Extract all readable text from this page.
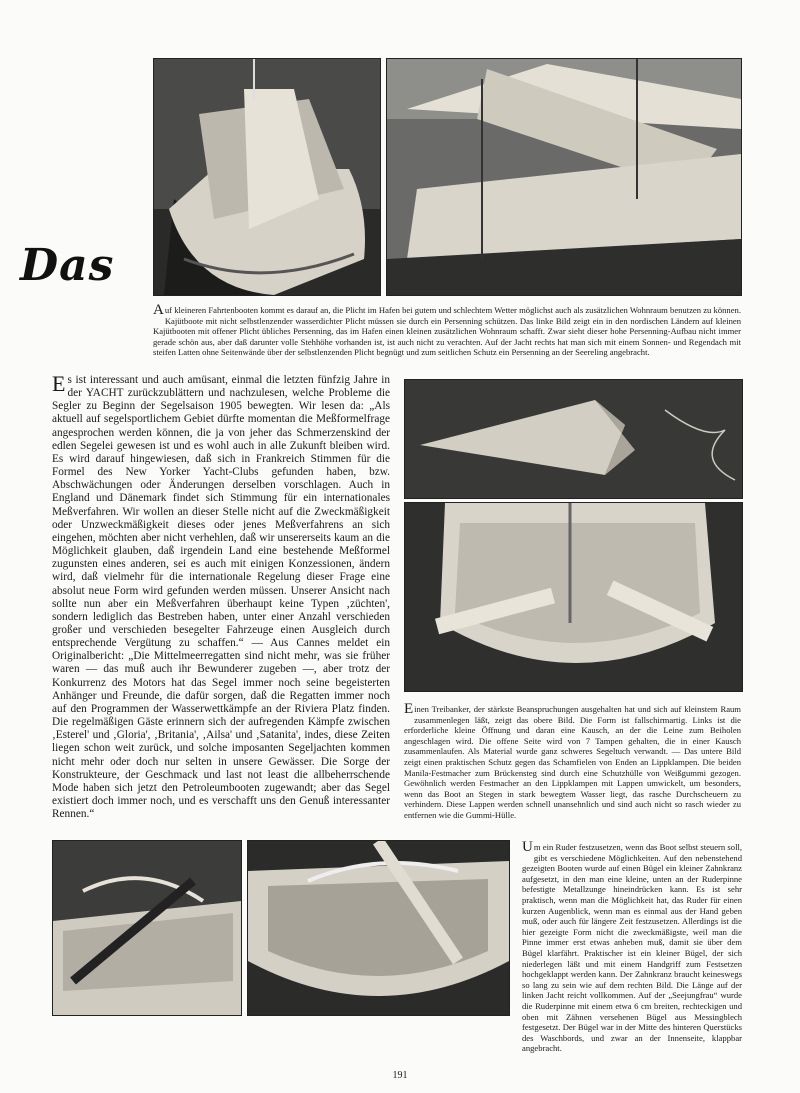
Das

Auf kleineren Fahrtenbooten kommt es darauf an, die Plicht im Hafen bei gutem und schlechtem Wetter möglichst auch als zusätzlichen Wohnraum benutzen zu können. Kajütboote mit nicht selbstlenzender wasserdichter Plicht müssen sie durch ein Persenning schützen. Das linke Bild zeigt ein in den nordischen Ländern auf kleinen Kajütbooten mit offener Plicht übliches Persenning, das im Hafen einen kleinen zusätzlichen Wohnraum schafft. Zwar sieht dieser hohe Persenning-Aufbau nicht immer gerade schön aus, aber daß darunter volle Stehhöhe vorhanden ist, ist auch nicht zu verachten. Auf der Jacht rechts hat man sich mit einem Sonnen- und Regendach mit steifen Latten ohne Seitenwände über der selbstlenzenden Plicht begnügt und zum seitlichen Schutz ein Persenning an der Seereling angebracht.

Es ist interessant und auch amüsant, einmal die letzten fünfzig Jahre in der YACHT zurückzublättern und nachzulesen, welche Probleme die Segler zu Beginn der Segelsaison 1905 bewegten. Wir lesen da: „Als aktuell auf segelsportlichem Gebiet dürfte momentan die Meßformelfrage angesprochen werden können, die ja von jeher das Schmerzenskind der edlen Segelei gewesen ist und es wohl auch in alle Zukunft bleiben wird. Es wird darauf hingewiesen, daß sich in Frankreich Stimmen für die Formel des New Yorker Yacht-Clubs gefunden haben, bzw. Abschwächungen oder Änderungen derselben vorschlagen. Auch in England und Dänemark findet sich Stimmung für ein internationales Meßverfahren. Wir wollen an dieser Stelle nicht auf die Zweckmäßigkeit oder Unzweckmäßigkeit dieses oder jenes Meßverfahrens an sich eingehen, möchten aber nicht verhehlen, daß wir unsererseits kaum an die Möglichkeit glauben, daß irgendein Land eine bestehende Meßformel zugunsten eines anderen, sei es auch mit einigen Konzessionen, ändern wird, daß vielmehr für die internationale Regelung dieser Frage eine absolut neue Form wird gefunden werden müssen. Unserer Ansicht nach sollte nun aber ein Meßverfahren überhaupt keine Typen ‚züchten', sondern lediglich das Bestreben haben, unter einer Anzahl verschieden großer und verschieden besegelter Fahrzeuge einen Ausgleich durch entsprechende Vergütung zu schaffen.“ — Aus Cannes meldet ein Originalbericht: „Die Mittelmeerregatten sind nicht mehr, was sie früher waren — das muß auch ihr Bewunderer zugeben —, aber trotz der Konkurrenz des Motors hat das Segel immer noch seine begeisterten Anhänger und Freunde, die dafür sorgen, daß die Regatten immer noch auf den Programmen der Wasserwettkämpfe an der Riviera Platz finden. Die regelmäßigen Gäste erinnern sich der aufregenden Kämpfe zwischen ‚Esterel' und ‚Gloria', ‚Britania', ‚Ailsa' und ‚Satanita', indes, diese Zeiten liegen schon weit zurück, und solche imposanten Segeljachten kommen nicht mehr oder doch nur selten in unsere Gewässer. Die Sorge der Konstrukteure, der Geschmack und last not least die allbeherrschende Mode haben sich jetzt den Petroleumbooten zugewandt; aber das Segel existiert doch immer noch, und es verschafft uns den Genuß interessanter Rennen.“

Einen Treibanker, der stärkste Beanspruchungen ausgehalten hat und sich auf kleinstem Raum zusammenlegen läßt, zeigt das obere Bild. Die Form ist fallschirmartig. Links ist die erforderliche kleine Öffnung und daran eine Kausch, an der die Leine zum Beiholen angeschlagen wird. Die offene Seite wird von 7 Tampen gehalten, die in einer Kausch zusammenlaufen. Als Material wurde ganz schweres Segeltuch verwandt. — Das untere Bild zeigt einen praktischen Schutz gegen das Schamfielen von Enden an Lippklampen. Die beiden Manila-Festmacher zum Brückensteg sind durch eine Schutzhülle von Weißgummi gezogen. Gewöhnlich werden Festmacher an den Lippklampen mit Lappen umwickelt, um besonders, wenn das Boot an Stegen in stark bewegtem Wasser liegt, das rasche Durchscheuern zu verhindern. Diese Lappen werden schnell unansehnlich und sind auch nicht so rasch wieder zu entfernen wie die Gummi-Hülle.

Um ein Ruder festzusetzen, wenn das Boot selbst steuern soll, gibt es verschiedene Möglichkeiten. Auf den nebenstehend gezeigten Booten wurde auf einen Bügel ein kleiner Zahnkranz aufgesetzt, in den man eine kleine, unten an der Ruderpinne befestigte Metallzunge hineindrücken kann. Es ist sehr praktisch, wenn man die Möglichkeit hat, das Ruder für einen kurzen Augenblick, wenn man es einmal aus der Hand geben muß, oder auch für längere Zeit festzusetzen. Allerdings ist die hier gezeigte Form nicht die zweckmäßigste, weil man die Pinne immer erst etwas anheben muß, damit sie über dem Bügel klarfährt. Praktischer ist ein kleiner Bügel, der sich niederlegen läßt und mit einem Handgriff zum Festsetzen hochgeklappt werden kann. Der Zahnkranz braucht keineswegs so lang zu sein wie auf dem rechten Bild. Die Länge auf der linken Jacht reicht vollkommen. Auf der „Seejungfrau“ wurde die Ruderpinne mit einem etwa 6 cm breiten, rechteckigen und oben mit Zähnen versehenen Bügel aus Messingblech festgesetzt. Der Bügel war in der Mitte des hinteren Querstücks des Waschbords, und zwar an der Innenseite, klappbar angebracht.

191
